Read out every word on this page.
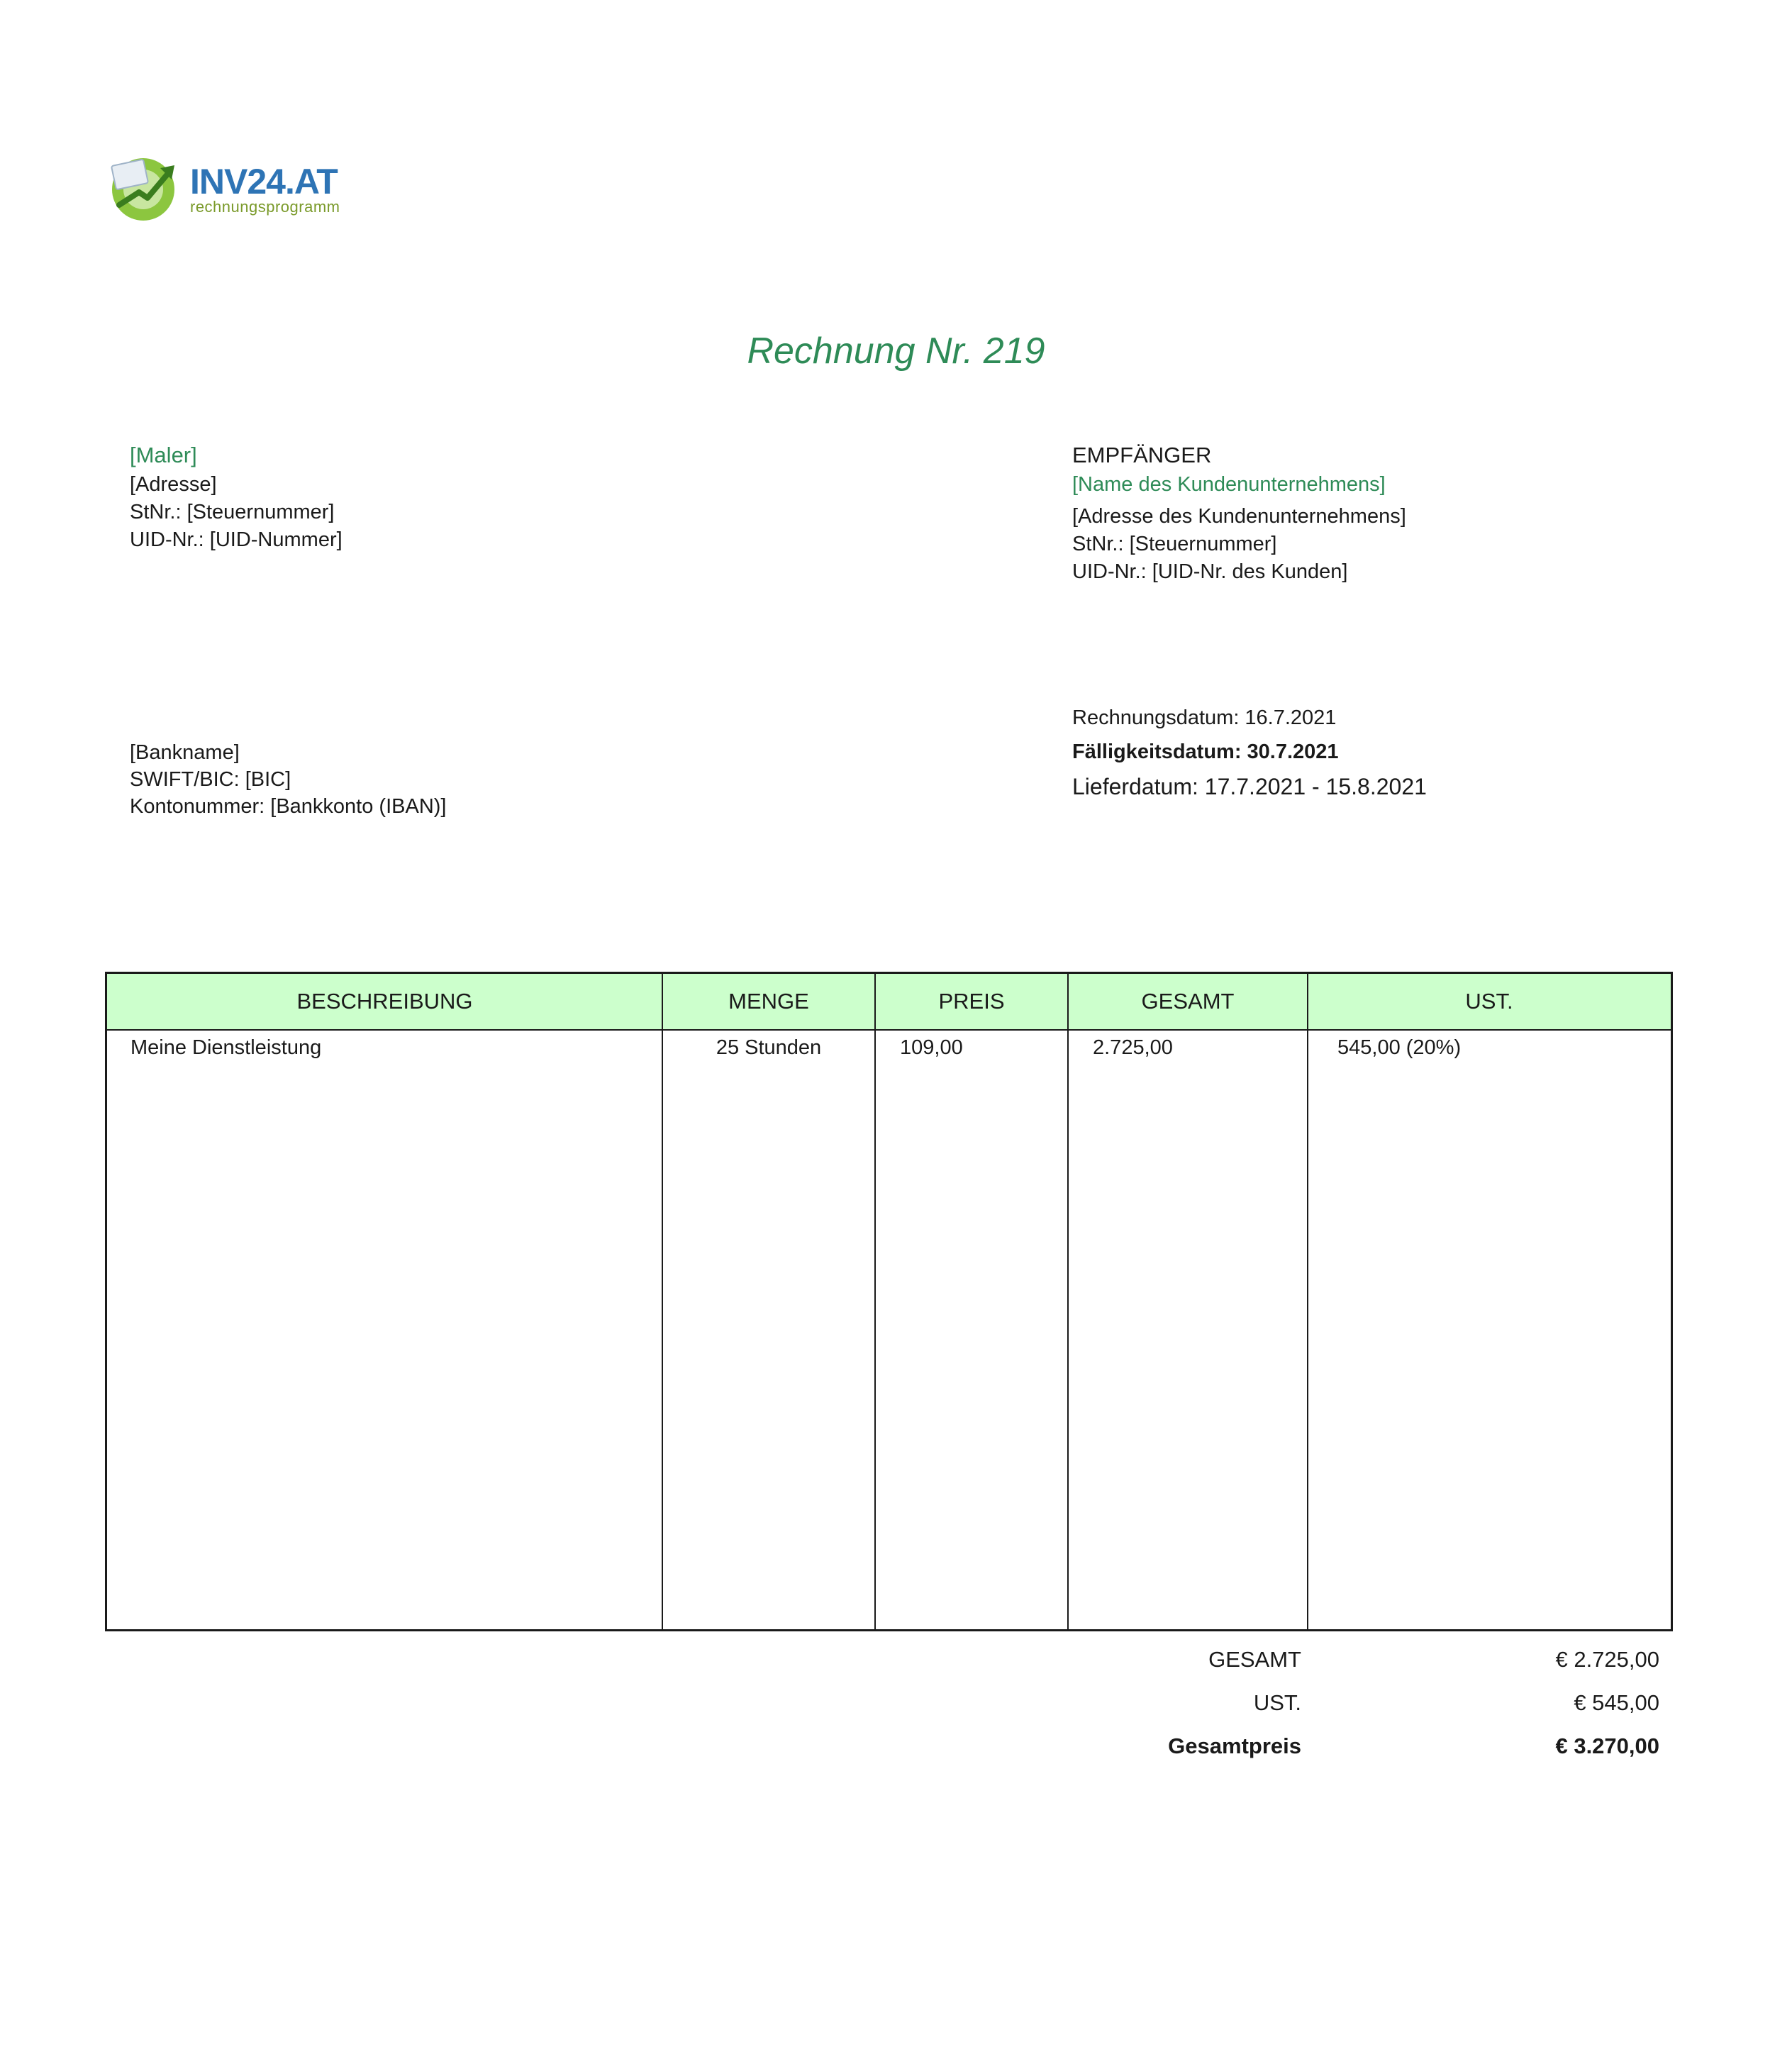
INV24.AT
rechnungsprogramm
Rechnung Nr. 219
[Maler]
[Adresse]
StNr.: [Steuernummer]
UID-Nr.: [UID-Nummer]
EMPFÄNGER
[Name des Kundenunternehmens]
[Adresse des Kundenunternehmens]
StNr.: [Steuernummer]
UID-Nr.: [UID-Nr. des Kunden]
[Bankname]
SWIFT/BIC: [BIC]
Kontonummer: [Bankkonto (IBAN)]
Rechnungsdatum: 16.7.2021
Fälligkeitsdatum: 30.7.2021
Lieferdatum: 17.7.2021 - 15.8.2021
BESCHREIBUNG	MENGE	PREIS	GESAMT	UST.
Meine Dienstleistung	25 Stunden	109,00	2.725,00	545,00 (20%)
GESAMT	€ 2.725,00
UST.	€ 545,00
Gesamtpreis	€ 3.270,00
